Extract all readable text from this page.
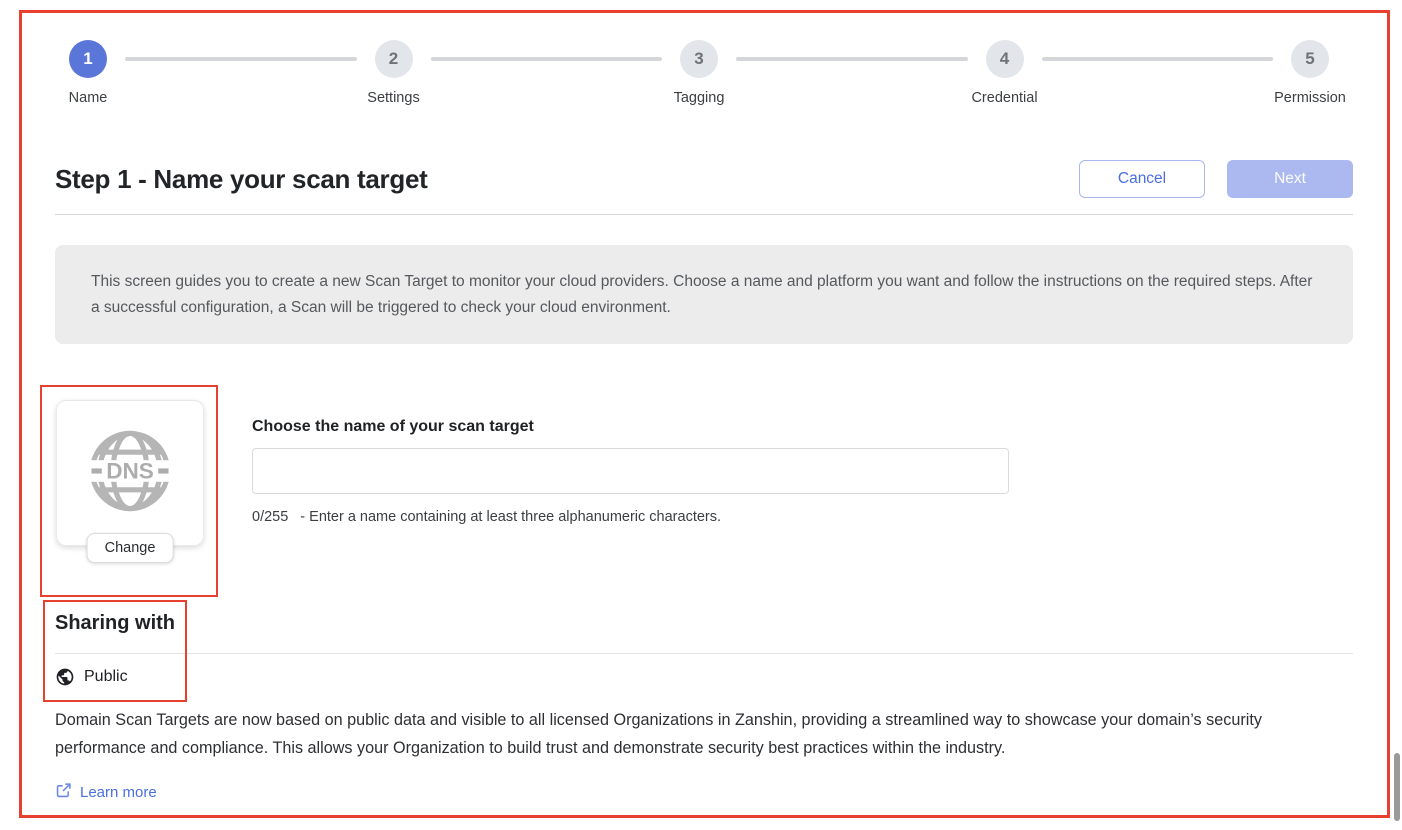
1
Name
2
Settings
3
Tagging
4
Credential
5
Permission
Step 1 - Name your scan target	Cancel	Next

This screen guides you to create a new Scan Target to monitor your cloud providers. Choose a name and platform you want and follow the instructions on the required steps. After a successful configuration, a Scan will be triggered to check your cloud environment.

DNS
Change
Choose the name of your scan target
0/255 - Enter a name containing at least three alphanumeric characters.
Sharing with
Public

Domain Scan Targets are now based on public data and visible to all licensed Organizations in Zanshin, providing a streamlined way to showcase your domain’s security performance and compliance. This allows your Organization to build trust and demonstrate security best practices within the industry.

Learn more
